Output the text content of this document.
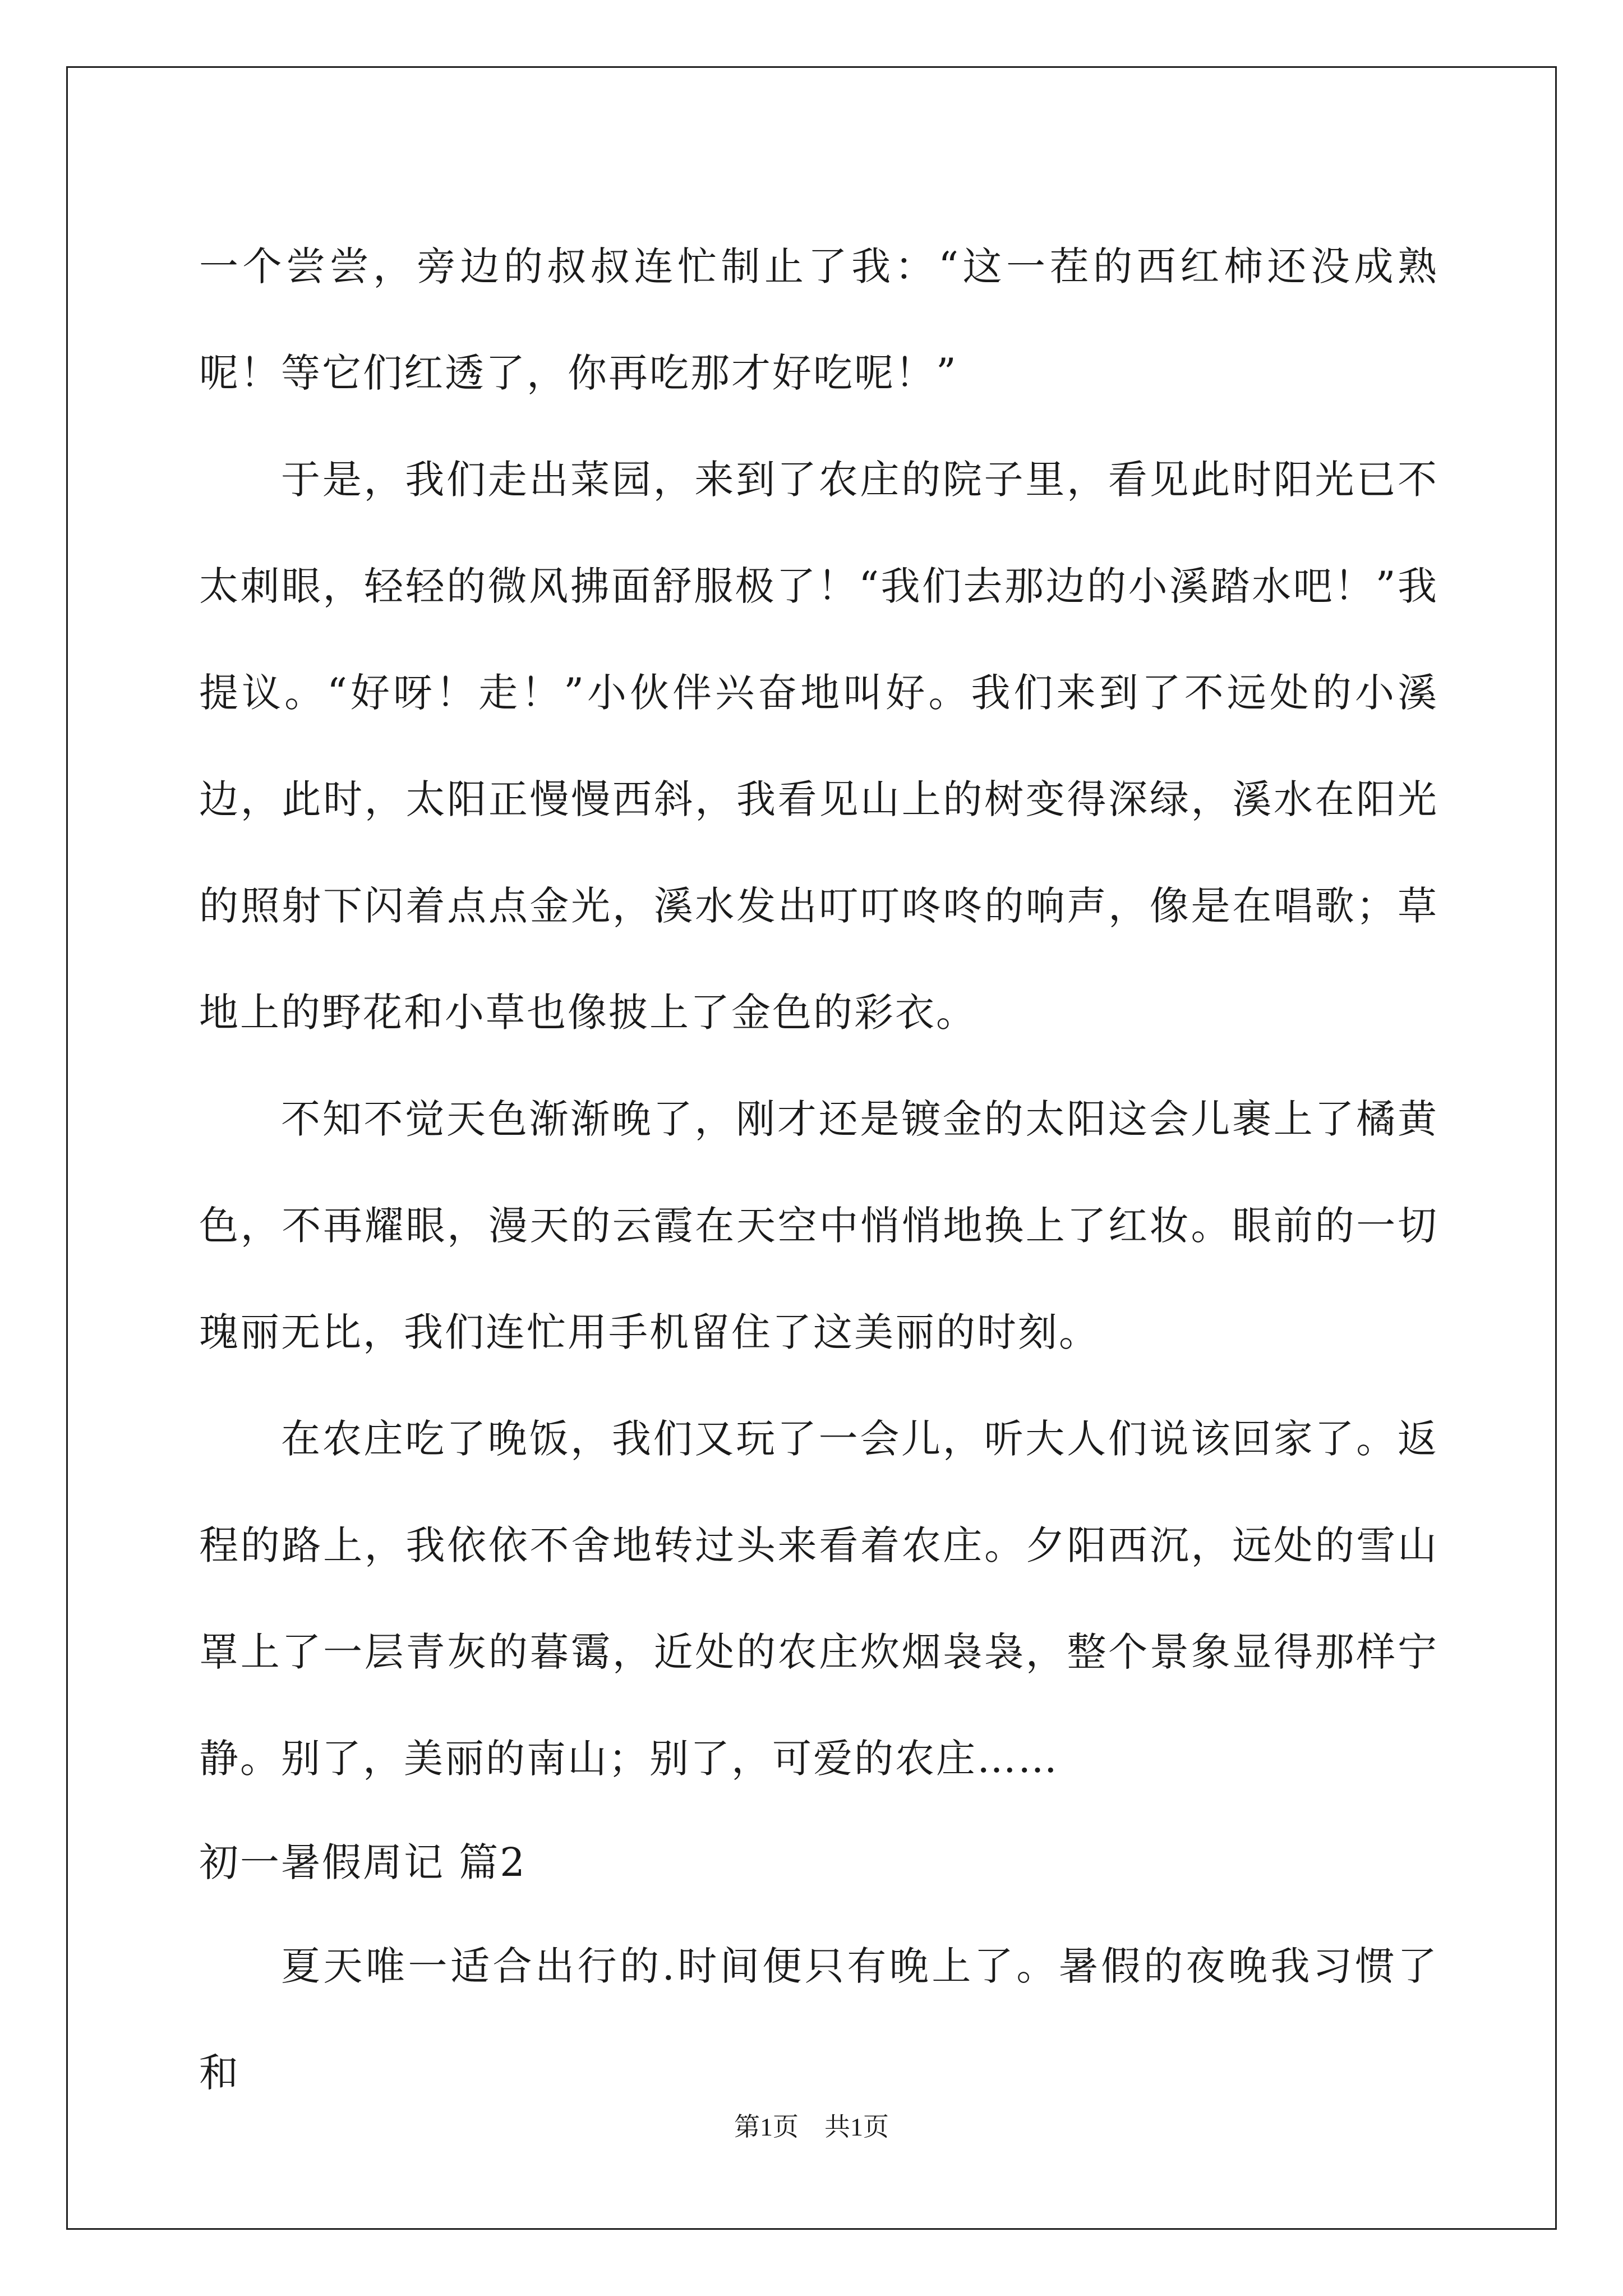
一个尝尝，旁边的叔叔连忙制止了我：“这一茬的西红柿还没成熟呢！等它们红透了，你再吃那才好吃呢！”

于是，我们走出菜园，来到了农庄的院子里，看见此时阳光已不太刺眼，轻轻的微风拂面舒服极了！“我们去那边的小溪踏水吧！”我提议。“好呀！走！”小伙伴兴奋地叫好。我们来到了不远处的小溪边，此时，太阳正慢慢西斜，我看见山上的树变得深绿，溪水在阳光的照射下闪着点点金光，溪水发出叮叮咚咚的响声，像是在唱歌；草地上的野花和小草也像披上了金色的彩衣。

不知不觉天色渐渐晚了，刚才还是镀金的太阳这会儿裹上了橘黄色，不再耀眼，漫天的云霞在天空中悄悄地换上了红妆。眼前的一切瑰丽无比，我们连忙用手机留住了这美丽的时刻。

在农庄吃了晚饭，我们又玩了一会儿，听大人们说该回家了。返程的路上，我依依不舍地转过头来看着农庄。夕阳西沉，远处的雪山罩上了一层青灰的暮霭，近处的农庄炊烟袅袅，整个景象显得那样宁静。别了，美丽的南山；别了，可爱的农庄……

初一暑假周记 篇2

夏天唯一适合出行的.时间便只有晚上了。暑假的夜晚我习惯了和

第1页　共1页
